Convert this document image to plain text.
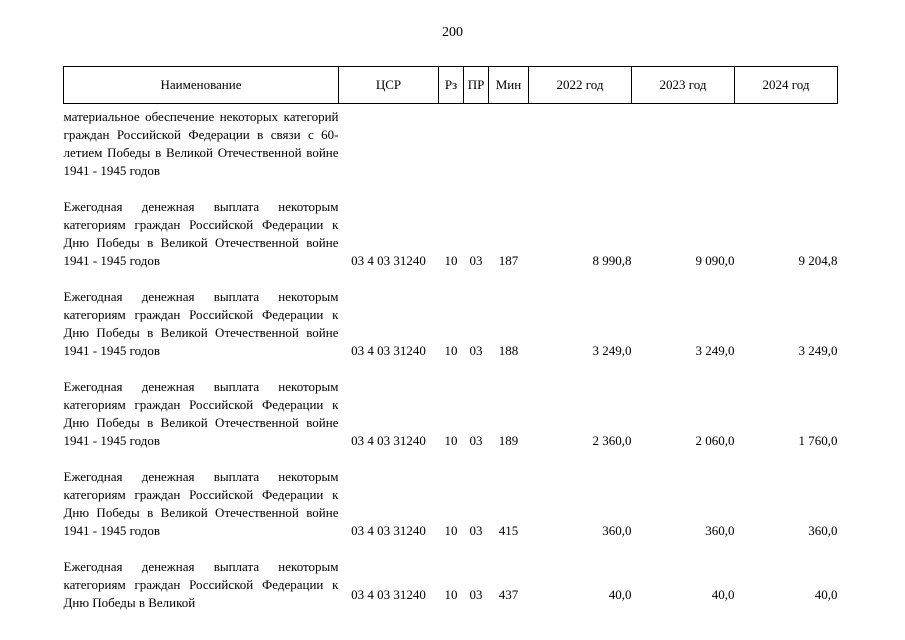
200
Наименование	ЦСР	Рз	ПР	Мин	2022 год	2023 год	2024 год
материальное обеспечение некоторых категорий граждан Российской Федерации в связи с 60-летием Победы в Великой Отечественной войне 1941 - 1945 годов							
Ежегодная денежная выплата некоторым категориям граждан Российской Федерации к Дню Победы в Великой Отечественной войне 1941 - 1945 годов	03 4 03 31240	10	03	187	8 990,8	9 090,0	9 204,8
Ежегодная денежная выплата некоторым категориям граждан Российской Федерации к Дню Победы в Великой Отечественной войне 1941 - 1945 годов	03 4 03 31240	10	03	188	3 249,0	3 249,0	3 249,0
Ежегодная денежная выплата некоторым категориям граждан Российской Федерации к Дню Победы в Великой Отечественной войне 1941 - 1945 годов	03 4 03 31240	10	03	189	2 360,0	2 060,0	1 760,0
Ежегодная денежная выплата некоторым категориям граждан Российской Федерации к Дню Победы в Великой Отечественной войне 1941 - 1945 годов	03 4 03 31240	10	03	415	360,0	360,0	360,0
Ежегодная денежная выплата некоторым категориям граждан Российской Федерации к Дню Победы в Великой	03 4 03 31240	10	03	437	40,0	40,0	40,0
